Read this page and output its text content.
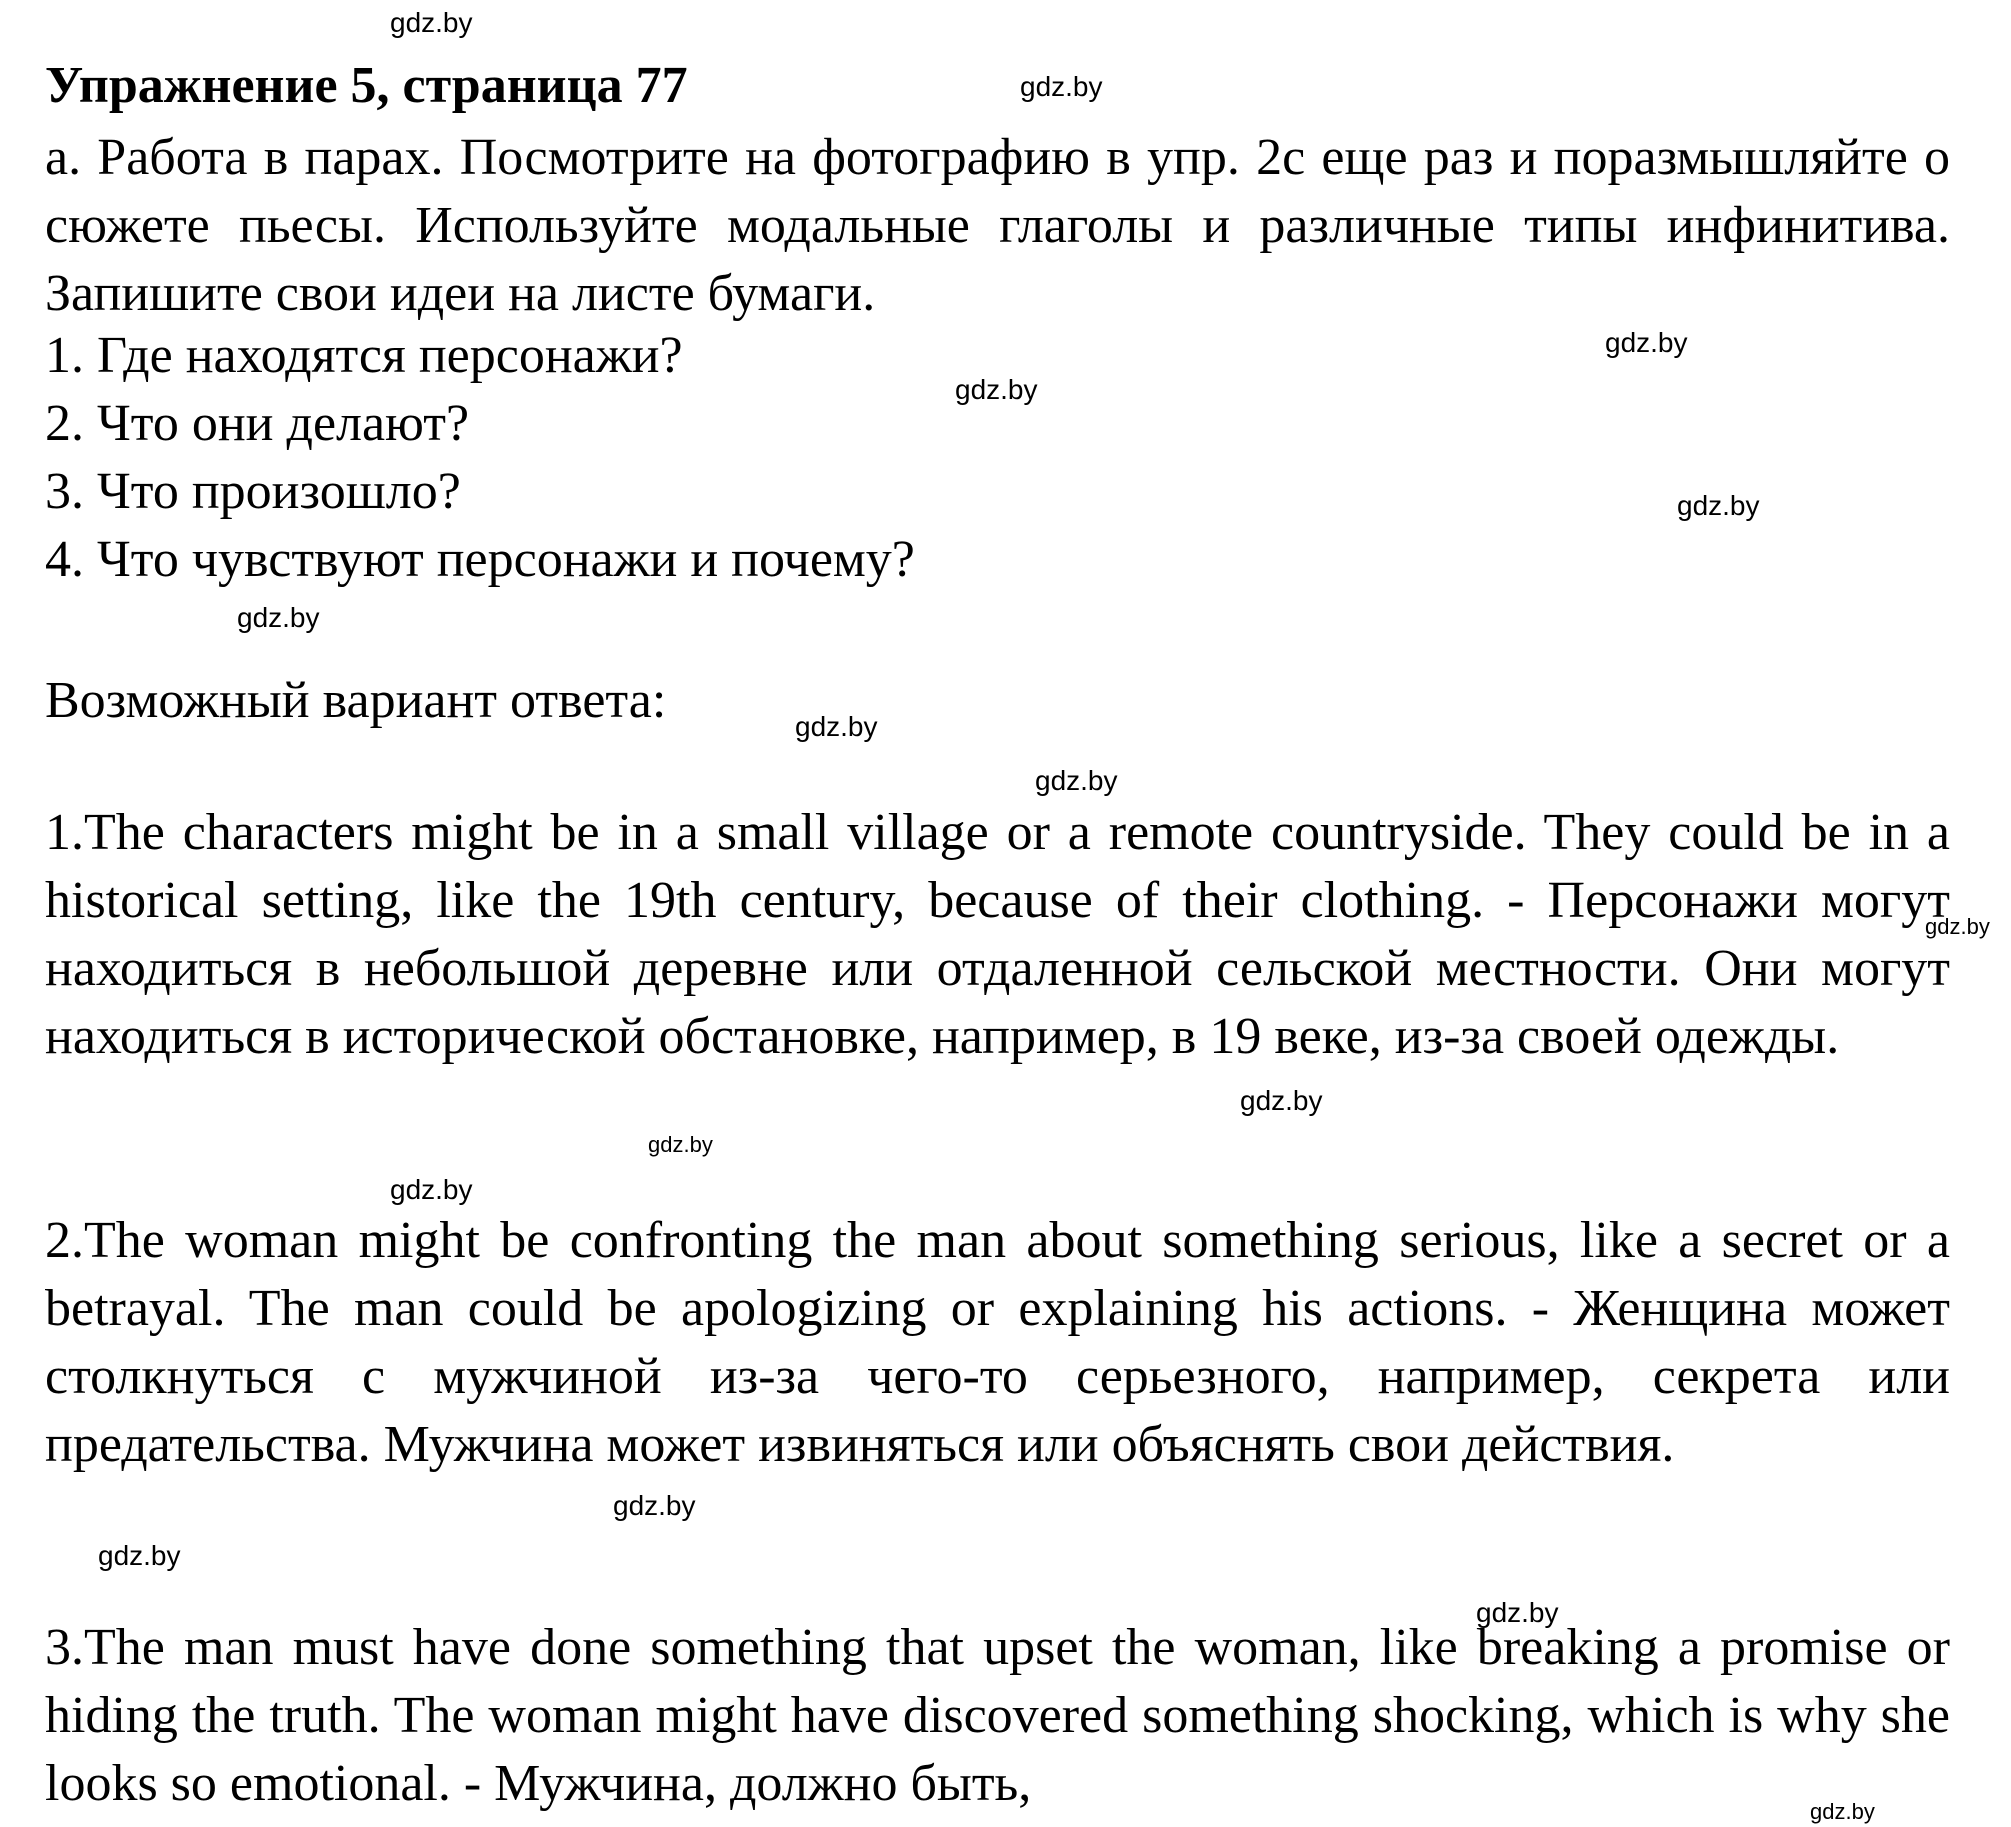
Упражнение 5, страница 77
a. Работа в парах. Посмотрите на фотографию в упр. 2c еще раз и поразмышляйте о сюжете пьесы. Используйте модальные глаголы и различные типы инфинитива. Запишите свои идеи на листе бумаги.
1. Где находятся персонажи?
2. Что они делают?
3. Что произошло?
4. Что чувствуют персонажи и почему?
Возможный вариант ответа:
1.The characters might be in a small village or a remote countryside. They could be in a historical setting, like the 19th century, because of their clothing. - Персонажи могут находиться в небольшой деревне или отдаленной сельской местности. Они могут находиться в исторической обстановке, например, в 19 веке, из-за своей одежды.
2.The woman might be confronting the man about something serious, like a secret or a betrayal. The man could be apologizing or explaining his actions. - Женщина может столкнуться с мужчиной из-за чего-то серьезного, например, секрета или предательства. Мужчина может извиняться или объяснять свои действия.
3.The man must have done something that upset the woman, like breaking a promise or hiding the truth. The woman might have discovered something shocking, which is why she looks so emotional. - Мужчина, должно быть,
gdz.by
gdz.by
gdz.by
gdz.by
gdz.by
gdz.by
gdz.by
gdz.by
gdz.by
gdz.by
gdz.by
gdz.by
gdz.by
gdz.by
gdz.by
gdz.by
